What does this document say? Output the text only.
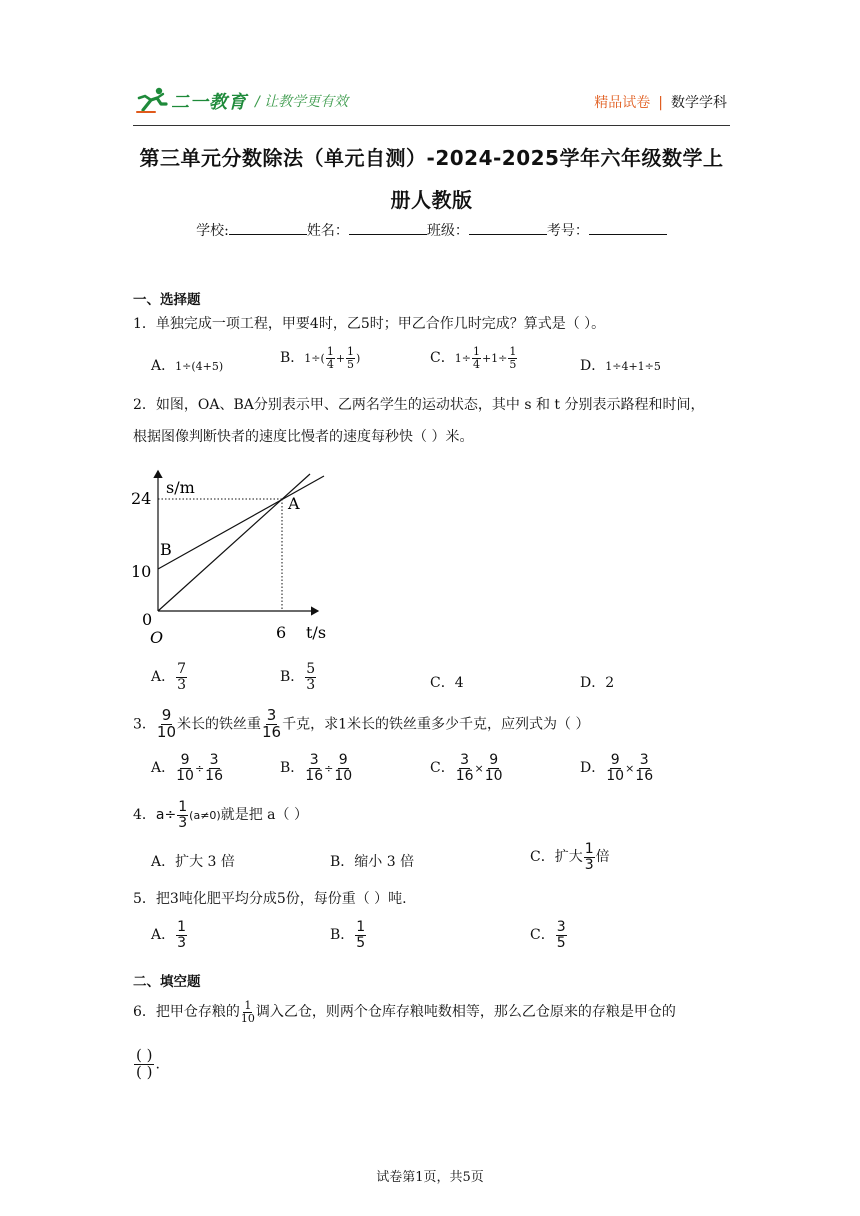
二一教育 / 让教学更有效	精品试卷 | 数学学科
第三单元分数除法（单元自测）-2024-2025学年六年级数学上
册人教版
学校:	姓名：	班级：	考号：
一、选择题
1．单独完成一项工程，甲要4时，乙5时；甲乙合作几时完成？算式是（ ）。
A．1÷(4+5)
B．$1\div( \frac{1}{4} + \frac{1}{5}$ )	C．$1\div \frac{1}{4} +1\div \frac{1}{5}$	D．1÷4+1÷5
2．如图，OA、BA分别表示甲、乙两名学生的运动状态，其中 s 和 t 分别表示路程和时间，
根据图像判断快者的速度比慢者的速度每秒快（ ）米。
s/m
24	A
B
10
0
O	6 t/s
A． $\frac{7}{3}$	B． $\frac{5}{3}$	C．4	D．2
3． $\frac{9}{10}$ 米长的铁丝重 $\frac{3}{16}$ 千克，求1米长的铁丝重多少千克，应列式为（ ）
A． $\frac{9}{10} \div \frac{3}{16}$	B． $\frac{3}{16} \div \frac{9}{10}$	C． $\frac{3}{16} \times \frac{9}{10}$	D． $\frac{9}{10} \times \frac{3}{16}$
4．$a\div \frac{1}{3} (a\ne 0)$就是把 a（ ）
A．扩大 3 倍	B．缩小 3 倍	C．扩大 $\frac{1}{3}$ 倍
5．把3吨化肥平均分成5份，每份重（ ）吨.
A． $\frac{1}{3}$	B． $\frac{1}{5}$	C． $\frac{3}{5}$
二、填空题
6．把甲仓存粮的 $\frac{1}{10}$ 调入乙仓，则两个仓库存粮吨数相等，那么乙仓原来的存粮是甲仓的
$\frac{( )}{( )}$ .
试卷第1页，共5页
